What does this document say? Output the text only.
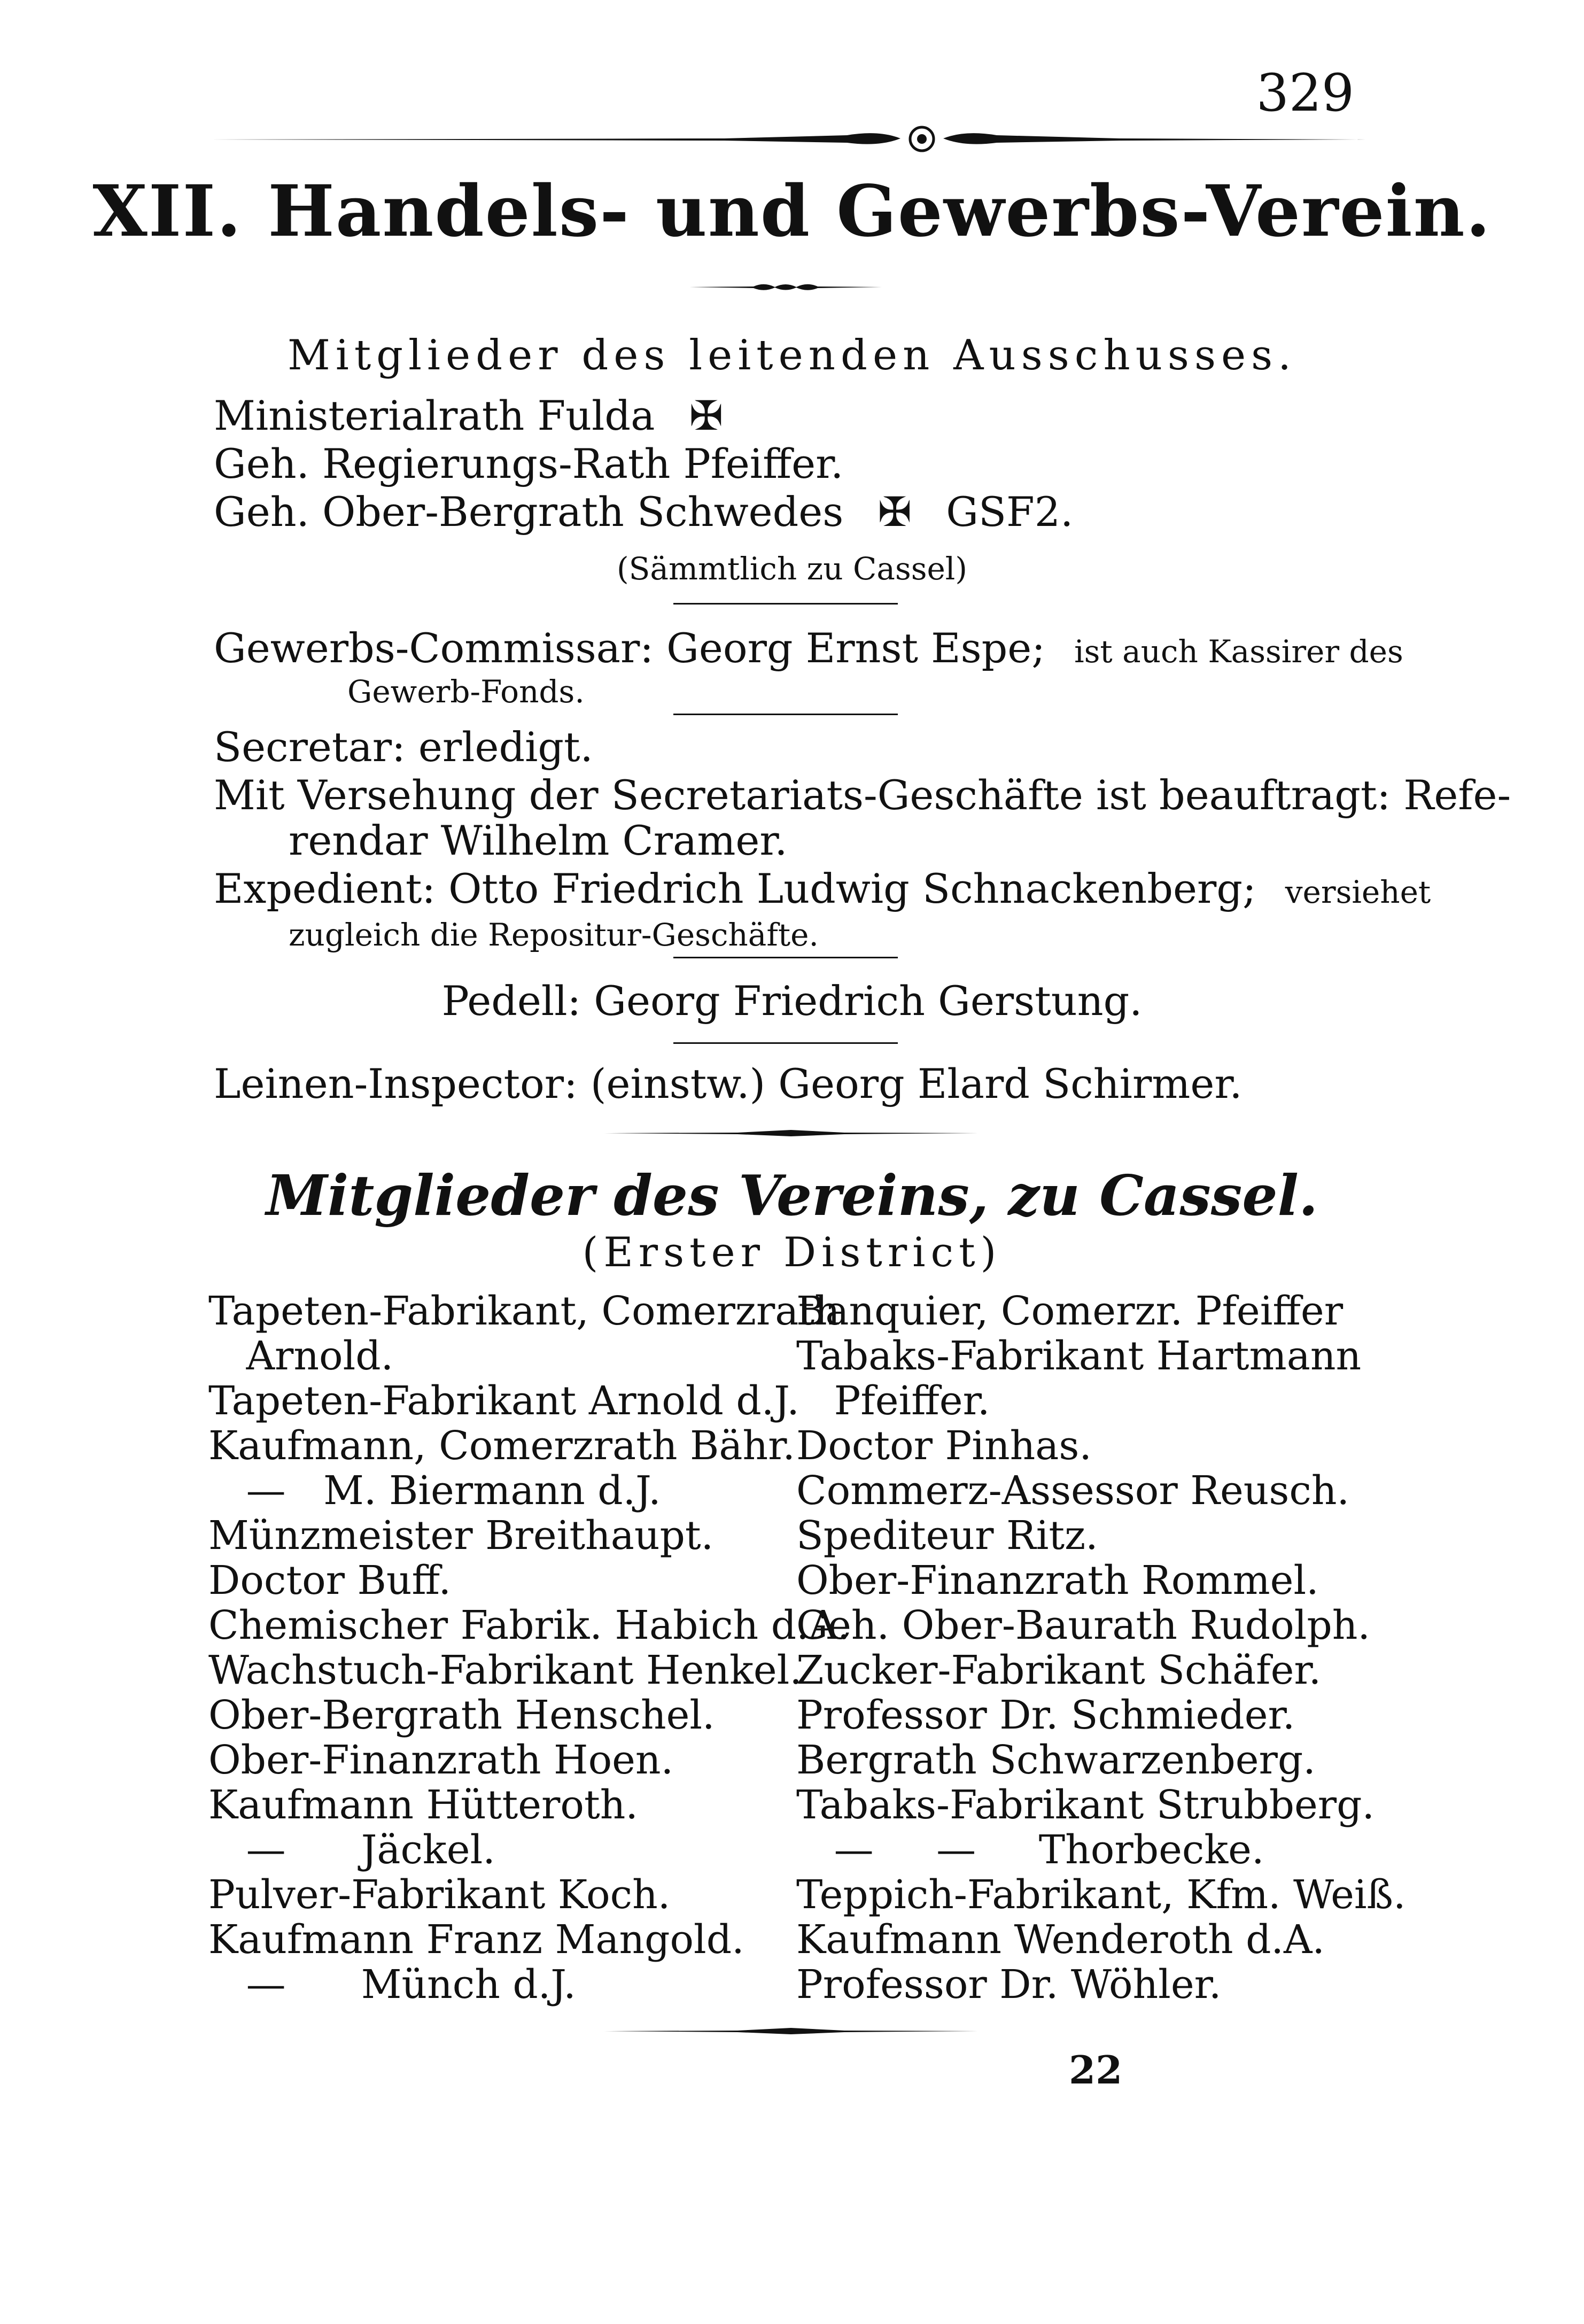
329
XII. Handels- und Gewerbs-Verein.
Mitglieder des leitenden Ausschusses.
Ministerialrath Fulda ✠
Geh. Regierungs-Rath Pfeiffer.
Geh. Ober-Bergrath Schwedes ✠ GSF2.
(Sämmtlich zu Cassel)
Gewerbs-Commissar: Georg Ernst Espe; ist auch Kassirer des
Gewerb-Fonds.
Secretar: erledigt.
Mit Versehung der Secretariats-Geschäfte ist beauftragt: Refe-
rendar Wilhelm Cramer.
Expedient: Otto Friedrich Ludwig Schnackenberg; versiehet
zugleich die Repositur-Geschäfte.
Pedell: Georg Friedrich Gerstung.
Leinen-Inspector: (einstw.) Georg Elard Schirmer.
Mitglieder des Vereins, zu Cassel.
(Erster District)
Tapeten-Fabrikant, Comerzrath
Arnold.
Tapeten-Fabrikant Arnold d.J.
Kaufmann, Comerzrath Bähr.
—   M. Biermann d.J.
Münzmeister Breithaupt.
Doctor Buff.
Chemischer Fabrik. Habich d.A.
Wachstuch-Fabrikant Henkel.
Ober-Bergrath Henschel.
Ober-Finanzrath Hoen.
Kaufmann Hütteroth.
—      Jäckel.
Pulver-Fabrikant Koch.
Kaufmann Franz Mangold.
—      Münch d.J.
Banquier, Comerzr. Pfeiffer
Tabaks-Fabrikant Hartmann
Pfeiffer.
Doctor Pinhas.
Commerz-Assessor Reusch.
Spediteur Ritz.
Ober-Finanzrath Rommel.
Geh. Ober-Baurath Rudolph.
Zucker-Fabrikant Schäfer.
Professor Dr. Schmieder.
Bergrath Schwarzenberg.
Tabaks-Fabrikant Strubberg.
—     —     Thorbecke.
Teppich-Fabrikant, Kfm. Weiß.
Kaufmann Wenderoth d.A.
Professor Dr. Wöhler.
22
